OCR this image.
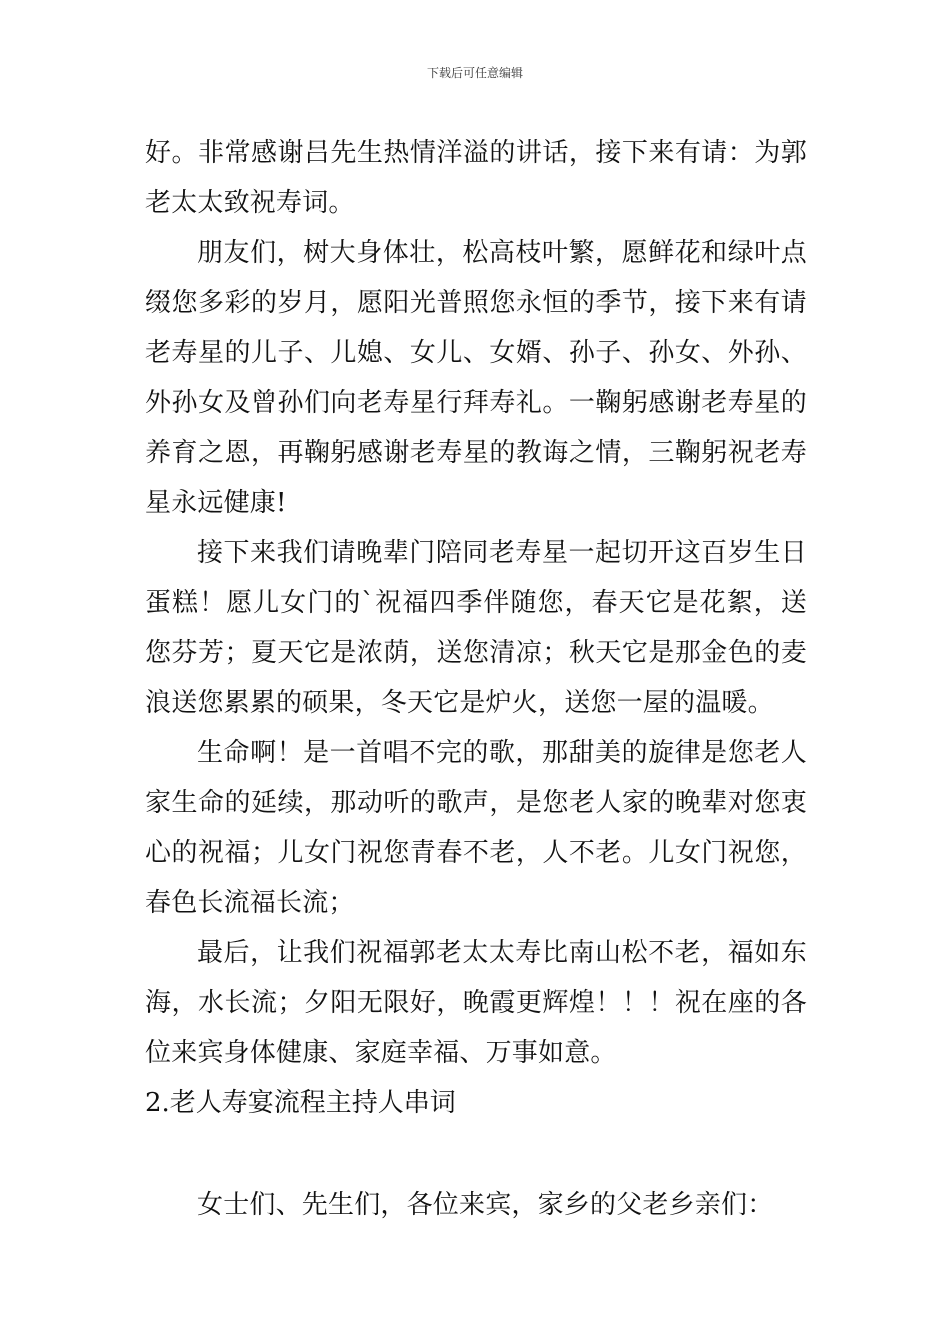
下载后可任意编辑

好。非常感谢吕先生热情洋溢的讲话，接下来有请：为郭老太太致祝寿词。

朋友们，树大身体壮，松高枝叶繁，愿鲜花和绿叶点缀您多彩的岁月，愿阳光普照您永恒的季节，接下来有请老寿星的儿子、儿媳、女儿、女婿、孙子、孙女、外孙、外孙女及曾孙们向老寿星行拜寿礼。一鞠躬感谢老寿星的养育之恩，再鞠躬感谢老寿星的教诲之情，三鞠躬祝老寿星永远健康!

接下来我们请晚辈门陪同老寿星一起切开这百岁生日蛋糕！愿儿女门的`祝福四季伴随您，春天它是花絮，送您芬芳；夏天它是浓荫，送您清凉；秋天它是那金色的麦浪送您累累的硕果，冬天它是炉火，送您一屋的温暖。

生命啊！是一首唱不完的歌，那甜美的旋律是您老人家生命的延续，那动听的歌声，是您老人家的晚辈对您衷心的祝福；儿女门祝您青春不老，人不老。儿女门祝您，春色长流福长流；

最后，让我们祝福郭老太太寿比南山松不老，福如东海，水长流；夕阳无限好，晚霞更辉煌！！！祝在座的各位来宾身体健康、家庭幸福、万事如意。

2.老人寿宴流程主持人串词

女士们、先生们，各位来宾，家乡的父老乡亲们：
